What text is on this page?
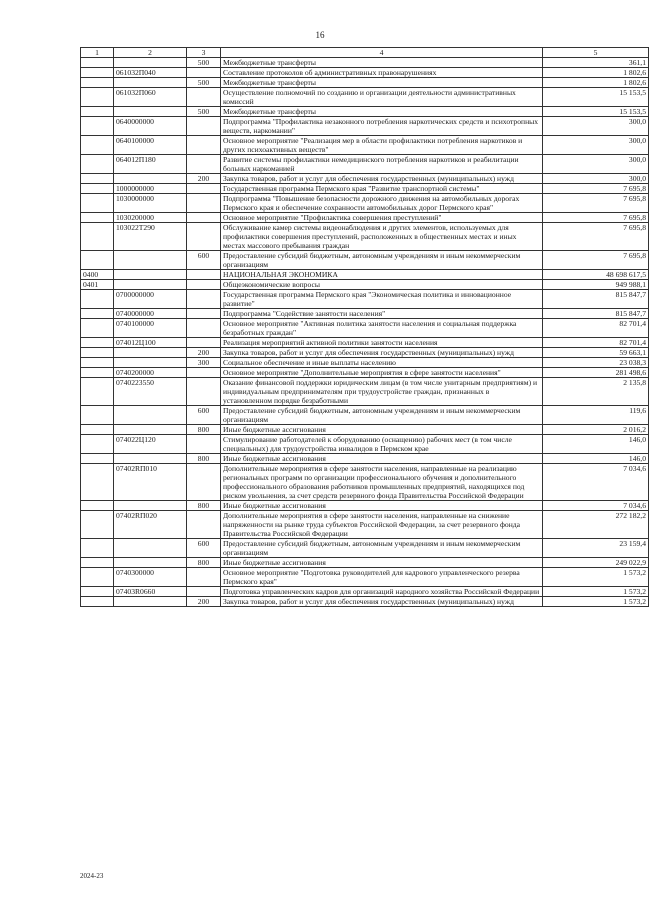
16
1	2	3	4	5
		500	Межбюджетные трансферты	361,1
	061032П040		Составление протоколов об административных правонарушениях	1 802,6
		500	Межбюджетные трансферты	1 802,6
	061032П060		Осуществление полномочий по созданию и организации деятельности административных комиссий	15 153,5
		500	Межбюджетные трансферты	15 153,5
	0640000000		Подпрограмма "Профилактика незаконного потребления наркотических средств и психотропных веществ, наркомании"	300,0
	0640100000		Основное мероприятие "Реализация мер в области профилактики потребления наркотиков и других психоактивных веществ"	300,0
	064012П180		Развитие системы профилактики немедицинского потребления наркотиков и реабилитации больных наркоманией	300,0
		200	Закупка товаров, работ и услуг для обеспечения государственных (муниципальных) нужд	300,0
	1000000000		Государственная программа Пермского края "Развитие транспортной системы"	7 695,8
	1030000000		Подпрограмма "Повышение безопасности дорожного движения на автомобильных дорогах Пермского края и обеспечение сохранности автомобильных дорог Пермского края"	7 695,8
	1030200000		Основное мероприятие "Профилактика совершения преступлений"	7 695,8
	103022Т290		Обслуживание камер системы видеонаблюдения и других элементов, используемых для профилактики совершения преступлений, расположенных в общественных местах и иных местах массового пребывания граждан	7 695,8
		600	Предоставление субсидий бюджетным, автономным учреждениям и иным некоммерческим организациям	7 695,8
0400			НАЦИОНАЛЬНАЯ ЭКОНОМИКА	48 698 617,5
0401			Общеэкономические вопросы	949 988,1
	0700000000		Государственная программа Пермского края "Экономическая политика и инновационное развитие"	815 847,7
	0740000000		Подпрограмма "Содействие занятости населения"	815 847,7
	0740100000		Основное мероприятие "Активная политика занятости населения и социальная поддержка безработных граждан"	82 701,4
	074012Ц100		Реализация мероприятий активной политики занятости населения	82 701,4
		200	Закупка товаров, работ и услуг для обеспечения государственных (муниципальных) нужд	59 663,1
		300	Социальное обеспечение и иные выплаты населению	23 038,3
	0740200000		Основное мероприятие "Дополнительные мероприятия в сфере занятости населения"	281 498,6
	0740223550		Оказание финансовой поддержки юридическим лицам (в том числе унитарным предприятиям) и индивидуальным предпринимателям при трудоустройстве граждан, признанных в установленном порядке безработными	2 135,8
		600	Предоставление субсидий бюджетным, автономным учреждениям и иным некоммерческим организациям	119,6
		800	Иные бюджетные ассигнования	2 016,2
	074022Ц120		Стимулирование работодателей к оборудованию (оснащению) рабочих мест (в том числе специальных) для трудоустройства инвалидов в Пермском крае	146,0
		800	Иные бюджетные ассигнования	146,0
	07402RП010		Дополнительные мероприятия в сфере занятости населения, направленные на реализацию региональных программ по организации профессионального обучения и дополнительного профессионального образования работников промышленных предприятий, находящихся под риском увольнения, за счет средств резервного фонда Правительства Российской Федерации	7 034,6
		800	Иные бюджетные ассигнования	7 034,6
	07402RП020		Дополнительные мероприятия в сфере занятости населения, направленные на снижение напряженности на рынке труда субъектов Российской Федерации, за счет резервного фонда Правительства Российской Федерации	272 182,2
		600	Предоставление субсидий бюджетным, автономным учреждениям и иным некоммерческим организациям	23 159,4
		800	Иные бюджетные ассигнования	249 022,9
	0740300000		Основное мероприятие "Подготовка руководителей для кадрового управленческого резерва Пермского края"	1 573,2
	07403R0660		Подготовка управленческих кадров для организаций народного хозяйства Российской Федерации	1 573,2
		200	Закупка товаров, работ и услуг для обеспечения государственных (муниципальных) нужд	1 573,2
2024-23
